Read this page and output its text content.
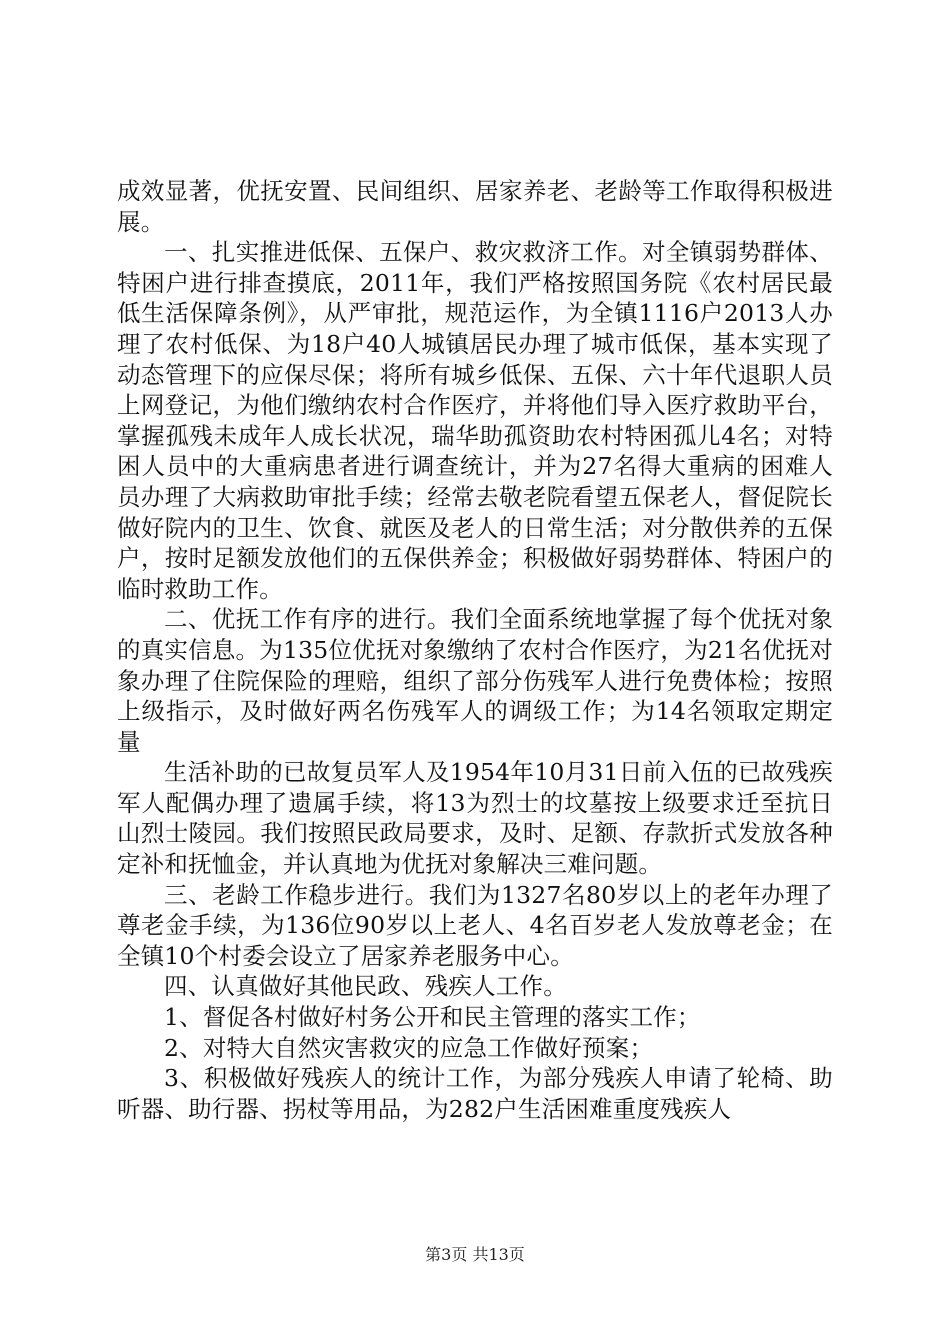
成效显著，优抚安置、民间组织、居家养老、老龄等工作取得积极进展。

一、扎实推进低保、五保户、救灾救济工作。对全镇弱势群体、特困户进行排查摸底，2011年，我们严格按照国务院《农村居民最低生活保障条例》，从严审批，规范运作，为全镇1116户2013人办理了农村低保、为18户40人城镇居民办理了城市低保，基本实现了动态管理下的应保尽保；将所有城乡低保、五保、六十年代退职人员上网登记，为他们缴纳农村合作医疗，并将他们导入医疗救助平台，掌握孤残未成年人成长状况，瑞华助孤资助农村特困孤儿4名；对特困人员中的大重病患者进行调查统计，并为27名得大重病的困难人员办理了大病救助审批手续；经常去敬老院看望五保老人，督促院长做好院内的卫生、饮食、就医及老人的日常生活；对分散供养的五保户，按时足额发放他们的五保供养金；积极做好弱势群体、特困户的临时救助工作。

二、优抚工作有序的进行。我们全面系统地掌握了每个优抚对象的真实信息。为135位优抚对象缴纳了农村合作医疗，为21名优抚对象办理了住院保险的理赔，组织了部分伤残军人进行免费体检；按照上级指示，及时做好两名伤残军人的调级工作；为14名领取定期定量

生活补助的已故复员军人及1954年10月31日前入伍的已故残疾军人配偶办理了遗属手续，将13为烈士的坟墓按上级要求迁至抗日山烈士陵园。我们按照民政局要求，及时、足额、存款折式发放各种定补和抚恤金，并认真地为优抚对象解决三难问题。

三、老龄工作稳步进行。我们为1327名80岁以上的老年办理了尊老金手续，为136位90岁以上老人、4名百岁老人发放尊老金；在全镇10个村委会设立了居家养老服务中心。

四、认真做好其他民政、残疾人工作。

1、督促各村做好村务公开和民主管理的落实工作；

2、对特大自然灾害救灾的应急工作做好预案；

3、积极做好残疾人的统计工作，为部分残疾人申请了轮椅、助听器、助行器、拐杖等用品，为282户生活困难重度残疾人

第3页 共13页
